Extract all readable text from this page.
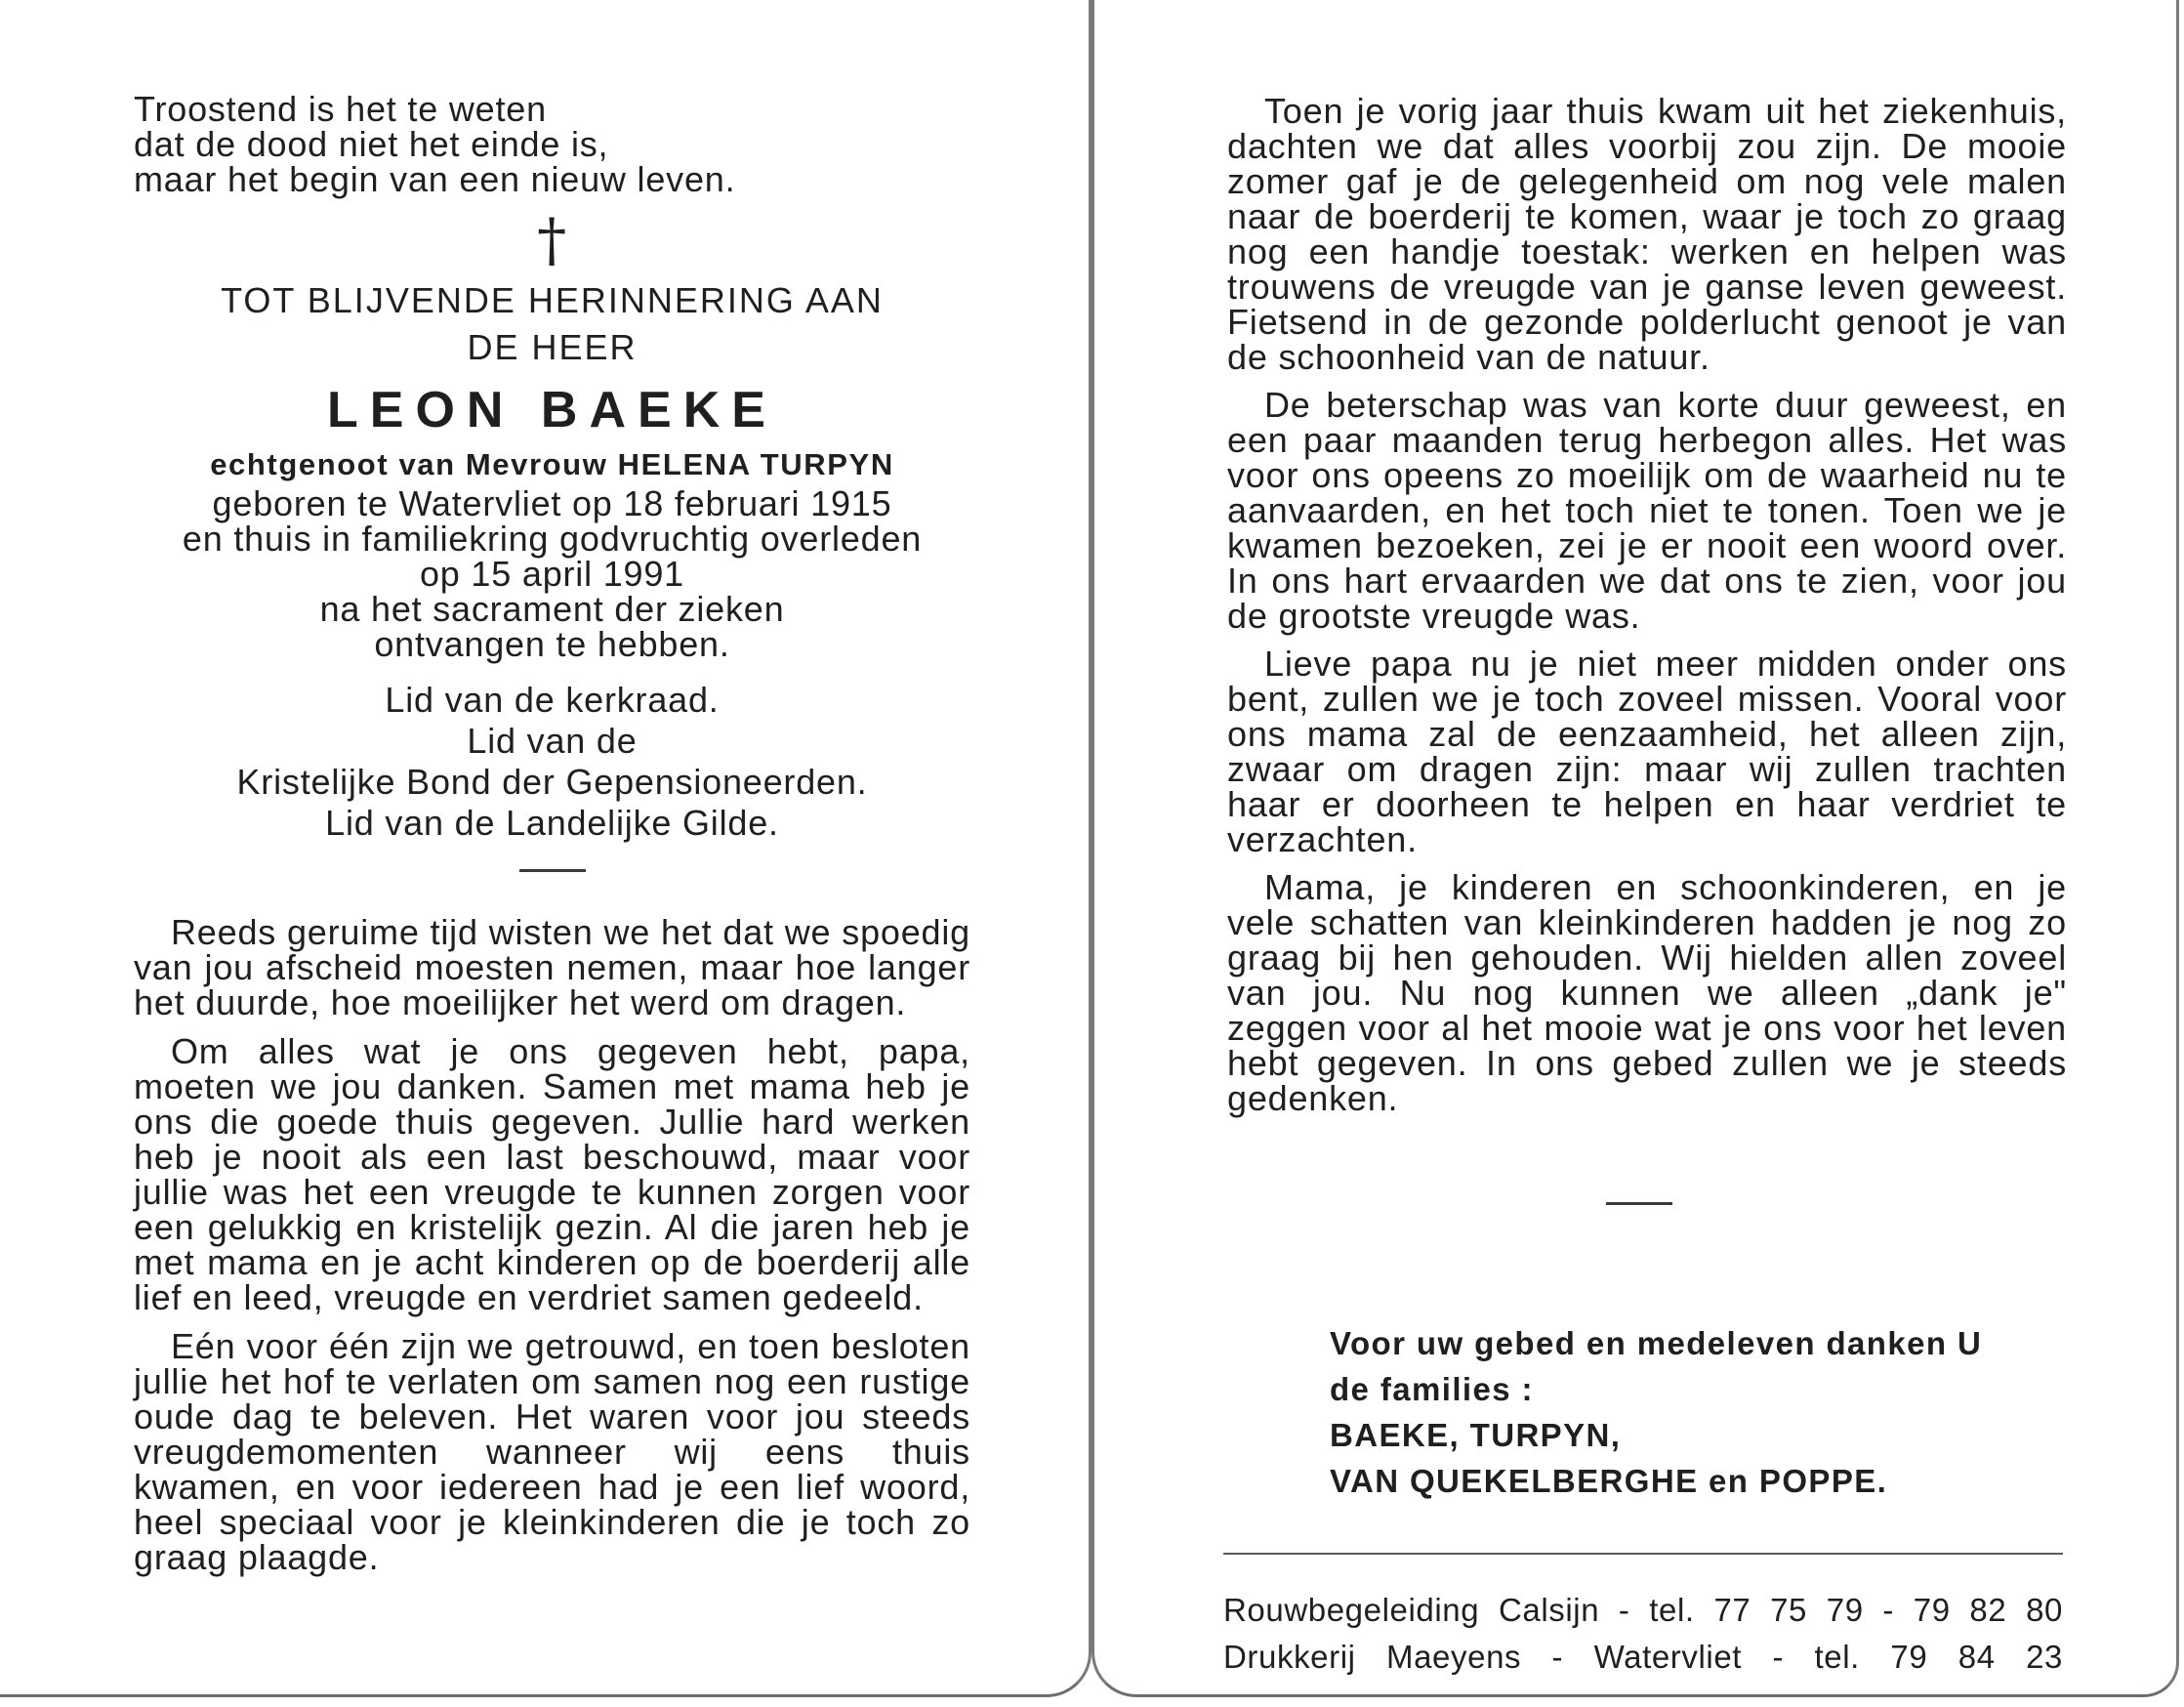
Troostend is het te weten
dat de dood niet het einde is,
maar het begin van een nieuw leven.
†
TOT BLIJVENDE HERINNERING AAN
DE HEER
LEON BAEKE
echtgenoot van Mevrouw HELENA TURPYN
geboren te Watervliet op 18 februari 1915
en thuis in familiekring godvruchtig overleden
op 15 april 1991
na het sacrament der zieken
ontvangen te hebben.
Lid van de kerkraad.
Lid van de
Kristelijke Bond der Gepensioneerden.
Lid van de Landelijke Gilde.

Reeds geruime tijd wisten we het dat we spoedig van jou afscheid moesten nemen, maar hoe langer het duurde, hoe moeilijker het werd om dragen.

Om alles wat je ons gegeven hebt, papa, moeten we jou danken. Samen met mama heb je ons die goede thuis gegeven. Jullie hard werken heb je nooit als een last beschouwd, maar voor jullie was het een vreugde te kunnen zorgen voor een gelukkig en kristelijk gezin. Al die jaren heb je met mama en je acht kinderen op de boerderij alle lief en leed, vreugde en verdriet samen gedeeld.

Eén voor één zijn we getrouwd, en toen besloten jullie het hof te verlaten om samen nog een rustige oude dag te beleven. Het waren voor jou steeds vreugdemomenten wanneer wij eens thuis kwamen, en voor iedereen had je een lief woord, heel speciaal voor je kleinkinderen die je toch zo graag plaagde.

Toen je vorig jaar thuis kwam uit het ziekenhuis, dachten we dat alles voorbij zou zijn. De mooie zomer gaf je de gelegenheid om nog vele malen naar de boerderij te komen, waar je toch zo graag nog een handje toestak: werken en helpen was trouwens de vreugde van je ganse leven geweest. Fietsend in de gezonde polderlucht genoot je van de schoonheid van de natuur.

De beterschap was van korte duur geweest, en een paar maanden terug herbegon alles. Het was voor ons opeens zo moeilijk om de waarheid nu te aanvaarden, en het toch niet te tonen. Toen we je kwamen bezoeken, zei je er nooit een woord over. In ons hart ervaarden we dat ons te zien, voor jou de grootste vreugde was.

Lieve papa nu je niet meer midden onder ons bent, zullen we je toch zoveel missen. Vooral voor ons mama zal de eenzaamheid, het alleen zijn, zwaar om dragen zijn: maar wij zullen trachten haar er doorheen te helpen en haar verdriet te verzachten.

Mama, je kinderen en schoonkinderen, en je vele schatten van kleinkinderen hadden je nog zo graag bij hen gehouden. Wij hielden allen zoveel van jou. Nu nog kunnen we alleen „dank je" zeggen voor al het mooie wat je ons voor het leven hebt gegeven. In ons gebed zullen we je steeds gedenken.

Voor uw gebed en medeleven danken U
de families :
BAEKE, TURPYN,
VAN QUEKELBERGHE en POPPE.
Rouwbegeleiding Calsijn - tel. 77 75 79 - 79 82 80
Drukkerij Maeyens - Watervliet - tel. 79 84 23
